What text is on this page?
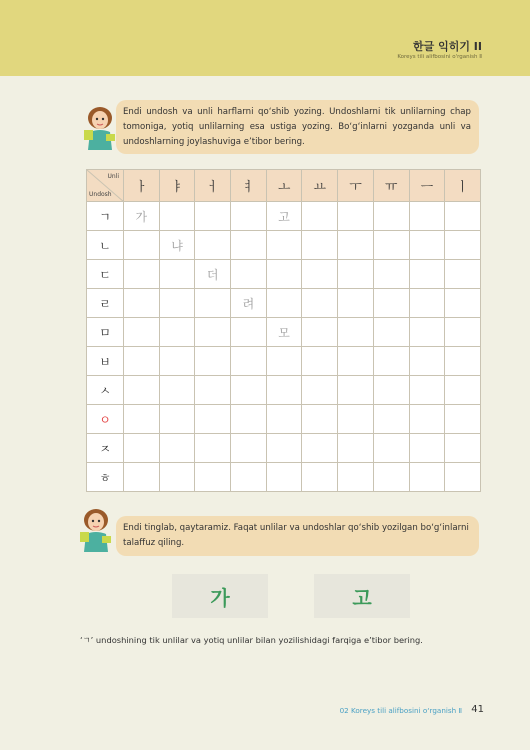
한글 익히기 II
Koreys tili alifbosini o'rganish Ⅱ
Endi undosh va unli harflarni qo‘shib yozing. Undoshlarni tik unlilarning chap tomoniga, yotiq unlilarning esa ustiga yozing. Bo‘g‘inlarni yozganda unli va undoshlarning joylashuviga e’tibor bering.
Unli
Undosh	ㅏ	ㅑ	ㅓ	ㅕ	ㅗ	ㅛ	ㅜ	ㅠ	ㅡ	ㅣ
ㄱ	가				고					
ㄴ		냐								
ㄷ			더							
ㄹ				려						
ㅁ					모					
ㅂ										
ㅅ										
ㅇ										
ㅈ										
ㅎ										
Endi tinglab, qaytaramiz. Faqat unlilar va undoshlar qo‘shib yozilgan bo‘g‘inlarni talaffuz qiling.
가	고
‘ㄱ’ undoshining tik unlilar va yotiq unlilar bilan yozilishidagi farqiga e’tibor bering.
02 Koreys tili alifbosini o‘rganish Ⅱ 41
